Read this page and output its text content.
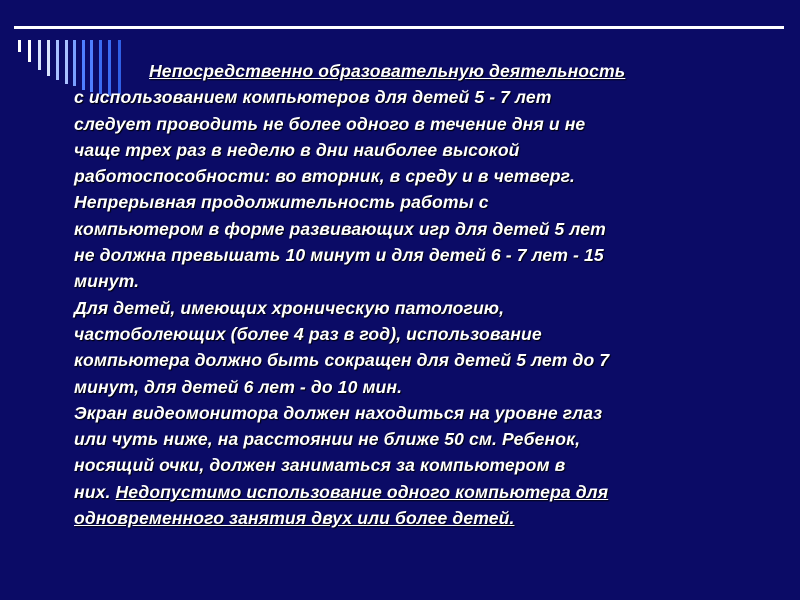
Непосредственно образовательную деятельность
с использованием компьютеров для детей 5 - 7 лет
следует проводить не более одного в течение дня и не
чаще трех раз в неделю в дни наиболее высокой
работоспособности: во вторник, в среду и в четверг.
Непрерывная продолжительность работы с
компьютером в форме развивающих игр для детей 5 лет
не должна превышать 10 минут и для детей 6 - 7 лет - 15
минут.
Для детей, имеющих хроническую патологию,
частоболеющих (более 4 раз в год), использование
компьютера должно быть сокращен для детей 5 лет до 7
минут, для детей 6 лет - до 10 мин.
Экран видеомонитора должен находиться на уровне глаз
или чуть ниже, на расстоянии не ближе 50 см. Ребенок,
носящий очки, должен заниматься за компьютером в
них. Недопустимо использование одного компьютера для
одновременного занятия двух или более детей.
